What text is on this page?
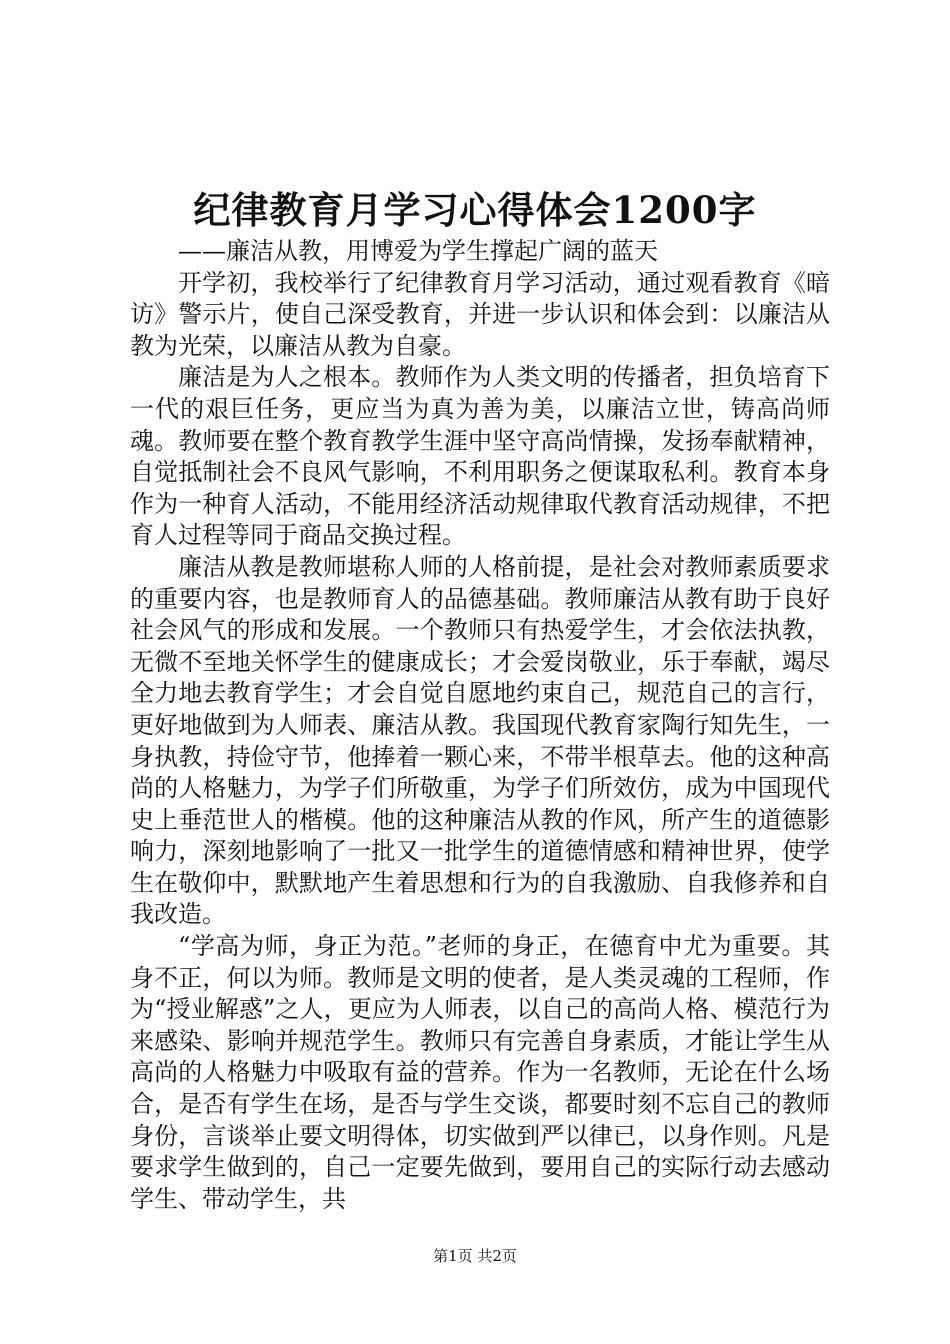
纪律教育月学习心得体会1200字

——廉洁从教，用博爱为学生撑起广阔的蓝天

开学初，我校举行了纪律教育月学习活动，通过观看教育《暗访》警示片，使自己深受教育，并进一步认识和体会到：以廉洁从教为光荣，以廉洁从教为自豪。

廉洁是为人之根本。教师作为人类文明的传播者，担负培育下一代的艰巨任务，更应当为真为善为美，以廉洁立世，铸高尚师魂。教师要在整个教育教学生涯中坚守高尚情操，发扬奉献精神，自觉抵制社会不良风气影响，不利用职务之便谋取私利。教育本身作为一种育人活动，不能用经济活动规律取代教育活动规律，不把育人过程等同于商品交换过程。

廉洁从教是教师堪称人师的人格前提，是社会对教师素质要求的重要内容，也是教师育人的品德基础。教师廉洁从教有助于良好社会风气的形成和发展。一个教师只有热爱学生，才会依法执教，无微不至地关怀学生的健康成长；才会爱岗敬业，乐于奉献，竭尽全力地去教育学生；才会自觉自愿地约束自己，规范自己的言行，更好地做到为人师表、廉洁从教。我国现代教育家陶行知先生，一身执教，持俭守节，他捧着一颗心来，不带半根草去。他的这种高尚的人格魅力，为学子们所敬重，为学子们所效仿，成为中国现代史上垂范世人的楷模。他的这种廉洁从教的作风，所产生的道德影响力，深刻地影响了一批又一批学生的道德情感和精神世界，使学生在敬仰中，默默地产生着思想和行为的自我激励、自我修养和自我改造。

“学高为师，身正为范。”老师的身正，在德育中尤为重要。其身不正，何以为师。教师是文明的使者，是人类灵魂的工程师，作为“授业解惑”之人，更应为人师表，以自己的高尚人格、模范行为来感染、影响并规范学生。教师只有完善自身素质，才能让学生从高尚的人格魅力中吸取有益的营养。作为一名教师，无论在什么场合，是否有学生在场，是否与学生交谈，都要时刻不忘自己的教师身份，言谈举止要文明得体，切实做到严以律已，以身作则。凡是要求学生做到的，自己一定要先做到，要用自己的实际行动去感动学生、带动学生，共

第1页 共2页
